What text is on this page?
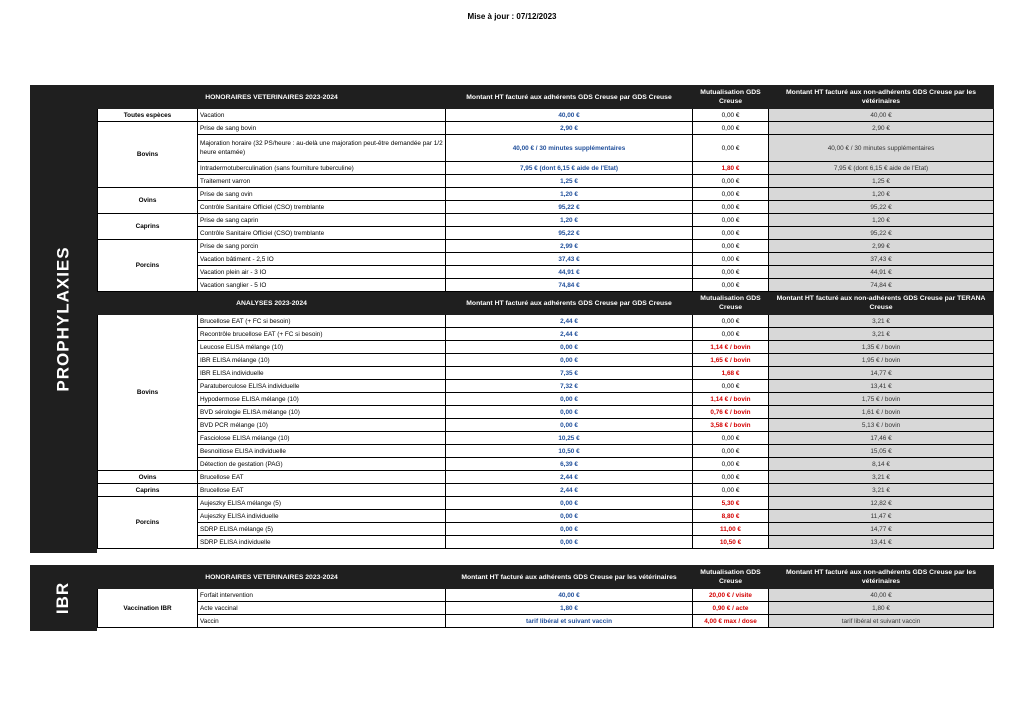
Mise à jour : 07/12/2023
PROPHYLAXIES
HONORAIRES VETERINAIRES 2023-2024		Montant HT facturé aux adhérents GDS Creuse par GDS Creuse	Mutualisation GDS Creuse	Montant HT facturé aux non-adhérents GDS Creuse par les vétérinaires
Toutes espèces	Vacation	40,00 €	0,00 €	40,00 €
Bovins	Prise de sang bovin	2,90 €	0,00 €	2,90 €
	Majoration horaire (32 PS/heure : au-delà une majoration peut-être demandée par 1/2 heure entamée)	40,00 € / 30 minutes supplémentaires	0,00 €	40,00 € / 30 minutes supplémentaires
	Intradermotuberculination (sans fourniture tuberculine)	7,95 € (dont 6,15 € aide de l'Etat)	1,80 €	7,95 € (dont 6,15 € aide de l'Etat)
	Traitement varron	1,25 €	0,00 €	1,25 €
Ovins	Prise de sang ovin	1,20 €	0,00 €	1,20 €
	Contrôle Sanitaire Officiel (CSO) tremblante	95,22 €	0,00 €	95,22 €
Caprins	Prise de sang caprin	1,20 €	0,00 €	1,20 €
	Contrôle Sanitaire Officiel (CSO) tremblante	95,22 €	0,00 €	95,22 €
Porcins	Prise de sang porcin	2,99 €	0,00 €	2,99 €
	Vacation bâtiment - 2,5 IO	37,43 €	0,00 €	37,43 €
	Vacation plein air - 3 IO	44,91 €	0,00 €	44,91 €
	Vacation sanglier - 5 IO	74,84 €	0,00 €	74,84 €
ANALYSES 2023-2024		Montant HT facturé aux adhérents GDS Creuse par GDS Creuse	Mutualisation GDS Creuse	Montant HT facturé aux non-adhérents GDS Creuse par TERANA Creuse
Bovins	Brucellose EAT (+ FC si besoin)	2,44 €	0,00 €	3,21 €
	Recontrôle brucellose EAT (+ FC si besoin)	2,44 €	0,00 €	3,21 €
	Leucose ELISA mélange (10)	0,00 €	1,14 € / bovin	1,35 € / bovin
	IBR ELISA mélange (10)	0,00 €	1,65 € / bovin	1,95 € / bovin
	IBR ELISA individuelle	7,35 €	1,68 €	14,77 €
	Paratuberculose ELISA individuelle	7,32 €	0,00 €	13,41 €
	Hypodermose ELISA mélange (10)	0,00 €	1,14 € / bovin	1,75 € / bovin
	BVD sérologie ELISA mélange (10)	0,00 €	0,76 € / bovin	1,61 € / bovin
	BVD PCR mélange (10)	0,00 €	3,58 € / bovin	5,13 € / bovin
	Fasciolose ELISA mélange (10)	10,25 €	0,00 €	17,46 €
	Besnoitiose ELISA individuelle	10,50 €	0,00 €	15,05 €
	Détection de gestation (PAG)	6,39 €	0,00 €	8,14 €
Ovins	Brucellose EAT	2,44 €	0,00 €	3,21 €
Caprins	Brucellose EAT	2,44 €	0,00 €	3,21 €
Porcins	Aujeszky ELISA mélange (5)	0,00 €	5,30 €	12,82 €
	Aujeszky ELISA individuelle	0,00 €	8,80 €	11,47 €
	SDRP ELISA mélange (5)	0,00 €	11,00 €	14,77 €
	SDRP ELISA individuelle	0,00 €	10,50 €	13,41 €
IBR
HONORAIRES VETERINAIRES 2023-2024		Montant HT facturé aux adhérents GDS Creuse par les vétérinaires	Mutualisation GDS Creuse	Montant HT facturé aux non-adhérents GDS Creuse par les vétérinaires
Vaccination IBR	Forfait intervention	40,00 €	20,00 € / visite	40,00 €
	Acte vaccinal	1,80 €	0,90 € / acte	1,80 €
	Vaccin	tarif libéral et suivant vaccin	4,00 € max / dose	tarif libéral et suivant vaccin
